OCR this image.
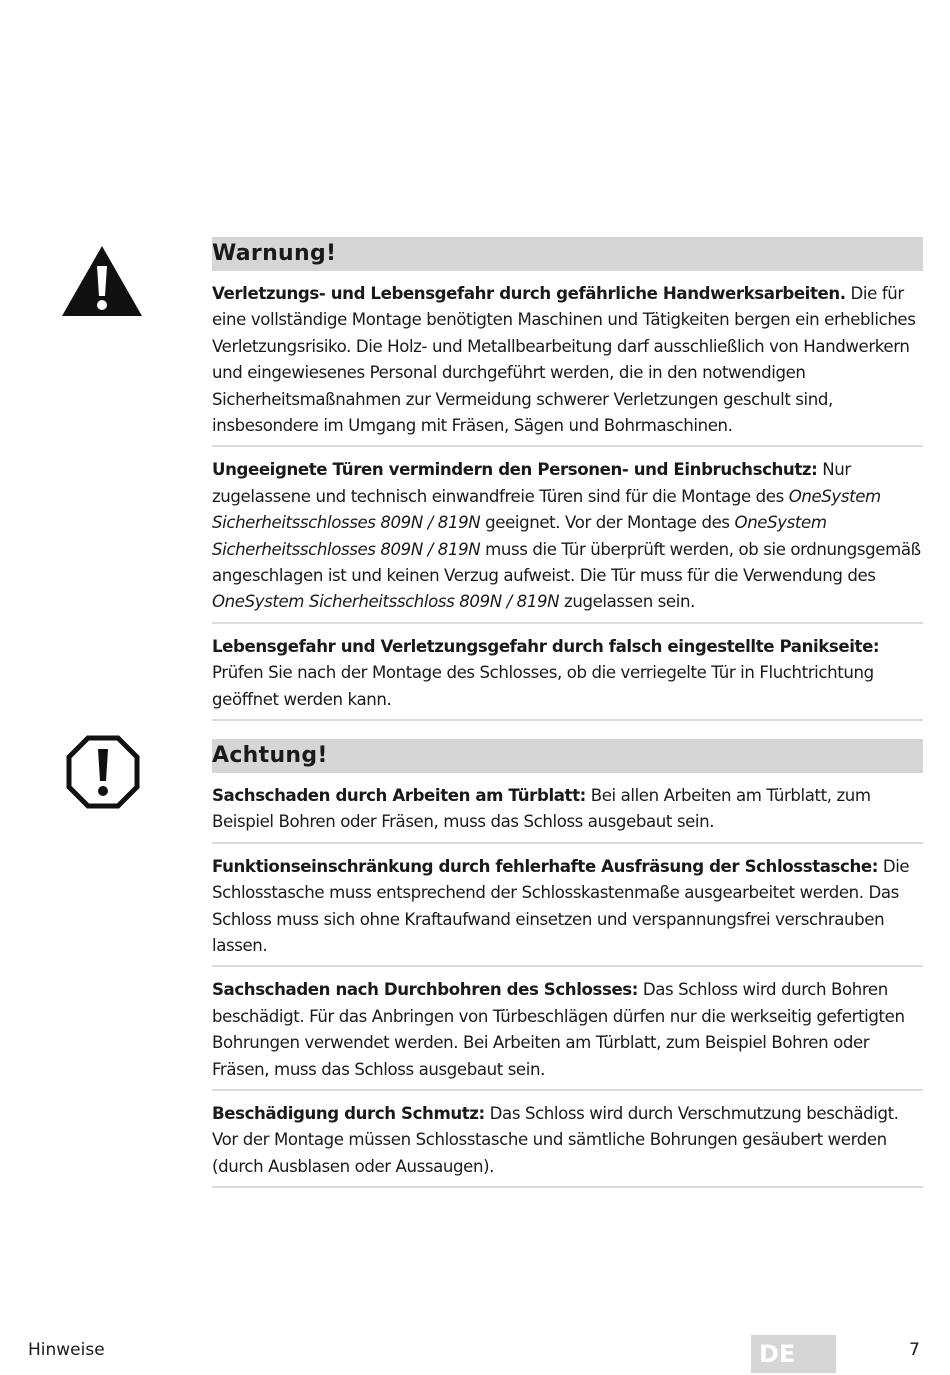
Warnung!
Verletzungs- und Lebensgefahr durch gefährliche Handwerksarbeiten. Die für eine vollständige Montage benötigten Maschinen und Tätigkeiten bergen ein erhebliches Verletzungsrisiko. Die Holz- und Metallbearbeitung darf ausschließlich von Handwerkern und eingewiesenes Personal durchgeführt werden, die in den notwendigen Sicherheitsmaßnahmen zur Vermeidung schwerer Verletzungen geschult sind, insbesondere im Umgang mit Fräsen, Sägen und Bohrmaschinen.
Ungeeignete Türen vermindern den Personen- und Einbruchschutz: Nur zugelassene und technisch einwandfreie Türen sind für die Montage des OneSystem Sicherheitsschlosses 809N / 819N geeignet. Vor der Montage des OneSystem Sicherheitsschlosses 809N / 819N muss die Tür überprüft werden, ob sie ordnungsgemäß angeschlagen ist und keinen Verzug aufweist. Die Tür muss für die Verwendung des OneSystem Sicherheitsschloss 809N / 819N zugelassen sein.
Lebensgefahr und Verletzungsgefahr durch falsch eingestellte Panikseite: Prüfen Sie nach der Montage des Schlosses, ob die verriegelte Tür in Fluchtrichtung geöffnet werden kann.
Achtung!
Sachschaden durch Arbeiten am Türblatt: Bei allen Arbeiten am Türblatt, zum Beispiel Bohren oder Fräsen, muss das Schloss ausgebaut sein.
Funktionseinschränkung durch fehlerhafte Ausfräsung der Schlosstasche: Die Schlosstasche muss entsprechend der Schlosskastenmaße ausgearbeitet werden. Das Schloss muss sich ohne Kraftaufwand einsetzen und verspannungsfrei verschrauben lassen.
Sachschaden nach Durchbohren des Schlosses: Das Schloss wird durch Bohren beschädigt. Für das Anbringen von Türbeschlägen dürfen nur die werkseitig gefertigten Bohrungen verwendet werden. Bei Arbeiten am Türblatt, zum Beispiel Bohren oder Fräsen, muss das Schloss ausgebaut sein.
Beschädigung durch Schmutz: Das Schloss wird durch Verschmutzung beschädigt. Vor der Montage müssen Schlosstasche und sämtliche Bohrungen gesäubert werden (durch Ausblasen oder Aussaugen).
Hinweise	DE	7
